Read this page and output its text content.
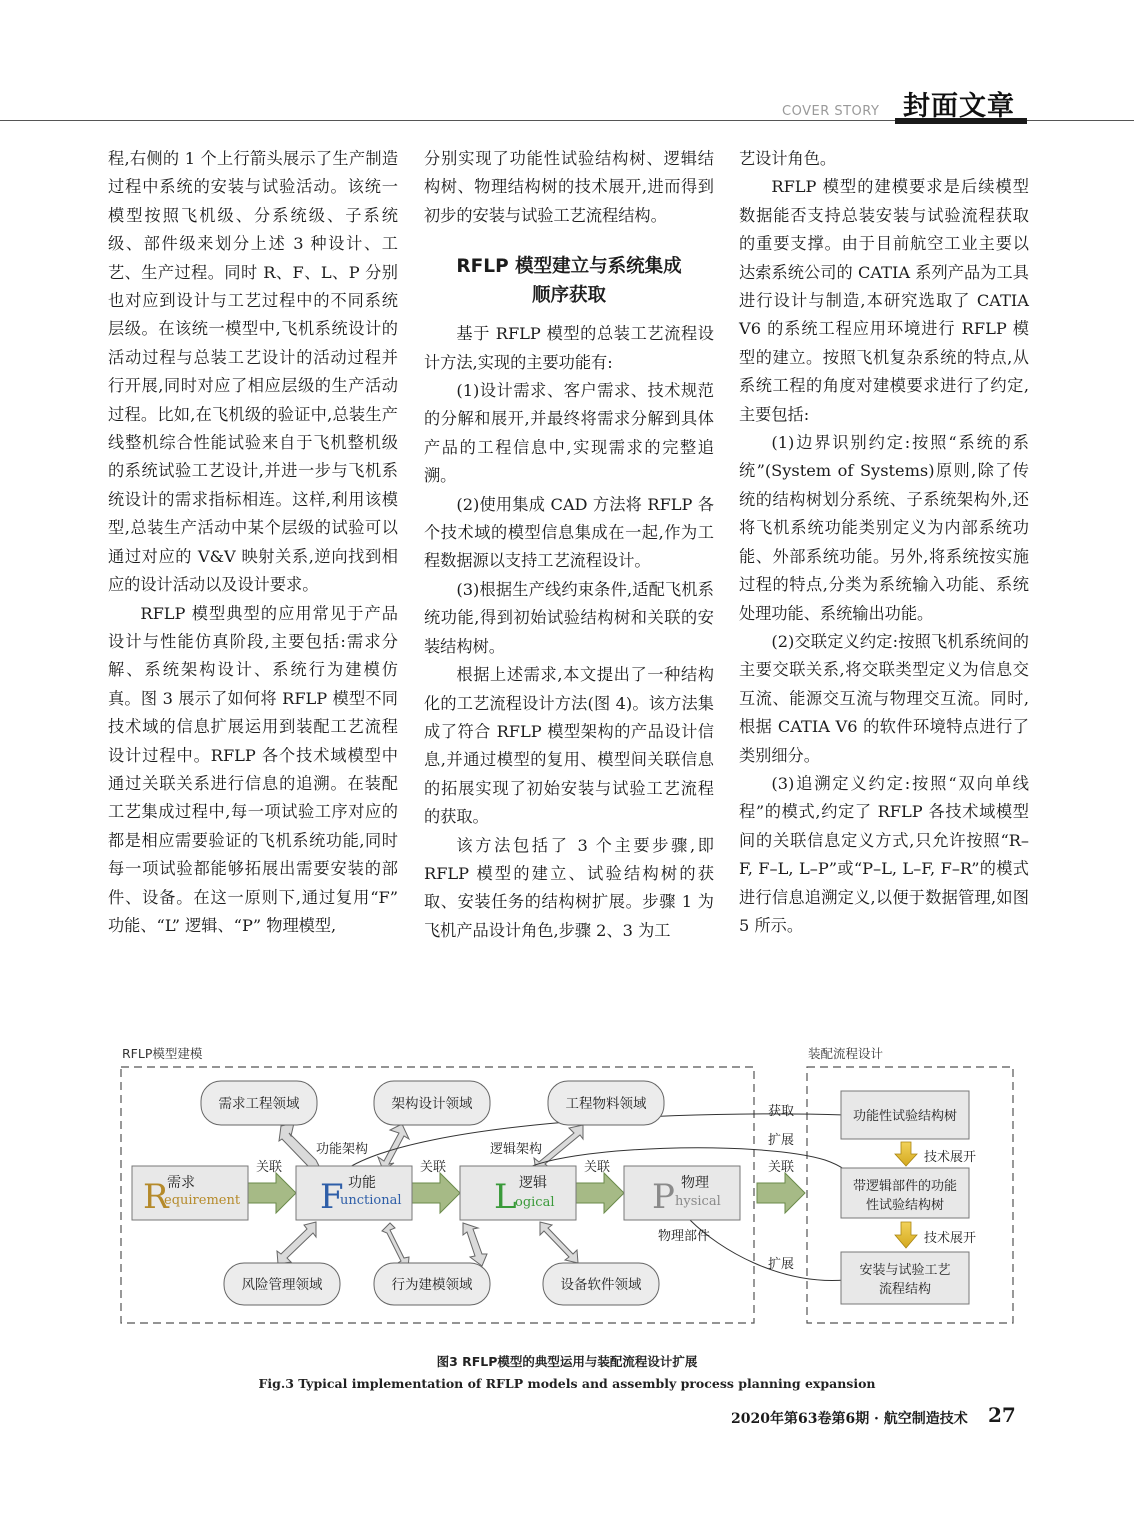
COVER STORY 封面文章

程,右侧的 1 个上行箭头展示了生产制造过程中系统的安装与试验活动。该统一模型按照飞机级、分系统级、子系统级、部件级来划分上述 3 种设计、工艺、生产过程。同时 R、F、L、P 分别也对应到设计与工艺过程中的不同系统层级。在该统一模型中,飞机系统设计的活动过程与总装工艺设计的活动过程并行开展,同时对应了相应层级的生产活动过程。比如,在飞机级的验证中,总装生产线整机综合性能试验来自于飞机整机级的系统试验工艺设计,并进一步与飞机系统设计的需求指标相连。这样,利用该模型,总装生产活动中某个层级的试验可以通过对应的 V&V 映射关系,逆向找到相应的设计活动以及设计要求。

RFLP 模型典型的应用常见于产品设计与性能仿真阶段,主要包括:需求分解、系统架构设计、系统行为建模仿真。图 3 展示了如何将 RFLP 模型不同技术域的信息扩展运用到装配工艺流程设计过程中。RFLP 各个技术域模型中通过关联关系进行信息的追溯。在装配工艺集成过程中,每一项试验工序对应的都是相应需要验证的飞机系统功能,同时每一项试验都能够拓展出需要安装的部件、设备。在这一原则下,通过复用“F” 功能、“L” 逻辑、“P” 物理模型,

分别实现了功能性试验结构树、逻辑结构树、物理结构树的技术展开,进而得到初步的安装与试验工艺流程结构。

RFLP 模型建立与系统集成
顺序获取

基于 RFLP 模型的总装工艺流程设计方法,实现的主要功能有:

(1)设计需求、客户需求、技术规范的分解和展开,并最终将需求分解到具体产品的工程信息中,实现需求的完整追溯。

(2)使用集成 CAD 方法将 RFLP 各个技术域的模型信息集成在一起,作为工程数据源以支持工艺流程设计。

(3)根据生产线约束条件,适配飞机系统功能,得到初始试验结构树和关联的安装结构树。

根据上述需求,本文提出了一种结构化的工艺流程设计方法(图 4)。该方法集成了符合 RFLP 模型架构的产品设计信息,并通过模型的复用、模型间关联信息的拓展实现了初始安装与试验工艺流程的获取。

该方法包括了 3 个主要步骤,即 RFLP 模型的建立、试验结构树的获取、安装任务的结构树扩展。步骤 1 为飞机产品设计角色,步骤 2、3 为工

艺设计角色。

RFLP 模型的建模要求是后续模型数据能否支持总装安装与试验流程获取的重要支撑。由于目前航空工业主要以达索系统公司的 CATIA 系列产品为工具进行设计与制造,本研究选取了 CATIA V6 的系统工程应用环境进行 RFLP 模型的建立。按照飞机复杂系统的特点,从系统工程的角度对建模要求进行了约定,主要包括:

(1)边界识别约定:按照“系统的系统”(System of Systems)原则,除了传统的结构树划分系统、子系统架构外,还将飞机系统功能类别定义为内部系统功能、外部系统功能。另外,将系统按实施过程的特点,分类为系统输入功能、系统处理功能、系统输出功能。

(2)交联定义约定:按照飞机系统间的主要交联关系,将交联类型定义为信息交互流、能源交互流与物理交互流。同时,根据 CATIA V6 的软件环境特点进行了类别细分。

(3)追溯定义约定:按照“双向单线程”的模式,约定了 RFLP 各技术域模型间的关联信息定义方式,只允许按照“R–F, F–L, L–P”或“P–L, L–F, F–R”的模式进行信息追溯定义,以便于数据管理,如图 5 所示。

RFLP模型建模	装配流程设计
关联	关联	关联	关联
功能架构	逻辑架构
物理部件
获取
扩展
扩展
需求工程领域	架构设计领域	工程物料领域
风险管理领域	行为建模领域	设备软件领域
R
需求
equirement F 功能
unctional	L 逻辑
ogical	P 物理
hysical
功能性试验结构树
带逻辑部件的功能
性试验结构树
安装与试验工艺
流程结构
技术展开
技术展开
图3 RFLP模型的典型运用与装配流程设计扩展
Fig.3 Typical implementation of RFLP models and assembly process planning expansion
2020年第63卷第6期 · 航空制造技术 27
